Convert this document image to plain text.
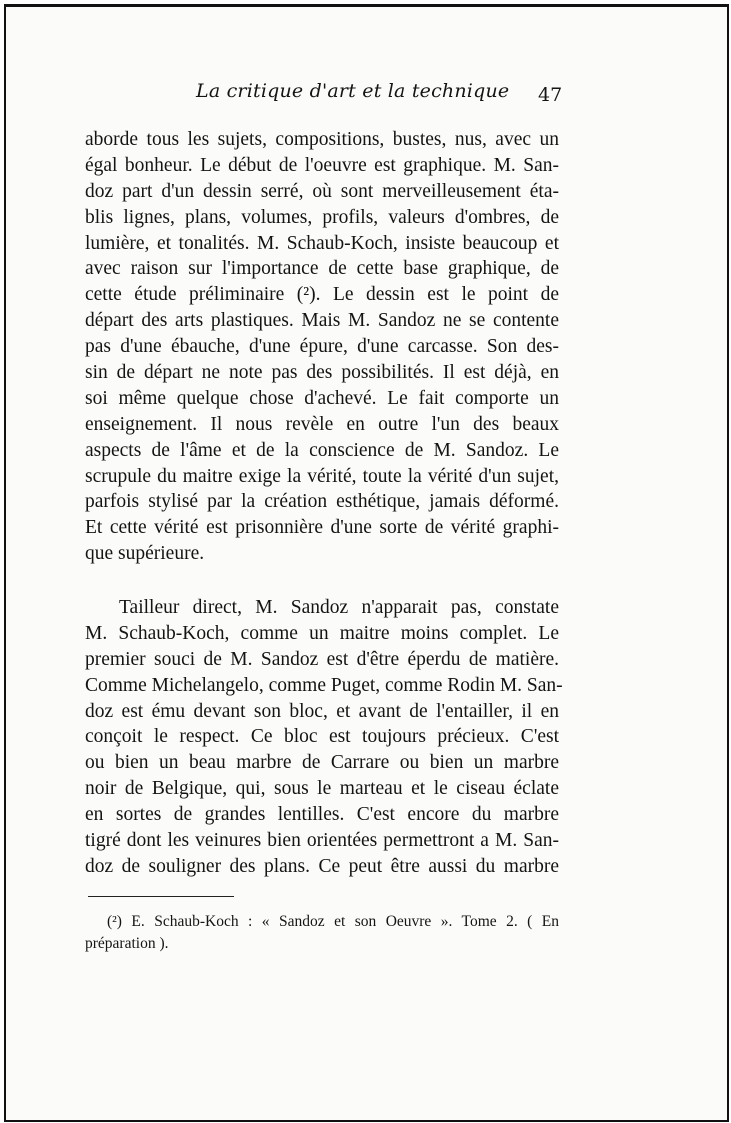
La critique d'art et la technique 47
aborde tous les sujets, compositions, bustes, nus, avec un
égal bonheur. Le début de l'oeuvre est graphique. M. San-
doz part d'un dessin serré, où sont merveilleusement éta-
blis lignes, plans, volumes, profils, valeurs d'ombres, de
lumière, et tonalités. M. Schaub-Koch, insiste beaucoup et
avec raison sur l'importance de cette base graphique, de
cette étude préliminaire (²). Le dessin est le point de
départ des arts plastiques. Mais M. Sandoz ne se contente
pas d'une ébauche, d'une épure, d'une carcasse. Son des-
sin de départ ne note pas des possibilités. Il est déjà, en
soi même quelque chose d'achevé. Le fait comporte un
enseignement. Il nous revèle en outre l'un des beaux
aspects de l'âme et de la conscience de M. Sandoz. Le
scrupule du maitre exige la vérité, toute la vérité d'un sujet,
parfois stylisé par la création esthétique, jamais déformé.
Et cette vérité est prisonnière d'une sorte de vérité graphi-
que supérieure.
Tailleur direct, M. Sandoz n'apparait pas, constate
M. Schaub-Koch, comme un maitre moins complet. Le
premier souci de M. Sandoz est d'être éperdu de matière.
Comme Michelangelo, comme Puget, comme Rodin M. San-
doz est ému devant son bloc, et avant de l'entailler, il en
conçoit le respect. Ce bloc est toujours précieux. C'est
ou bien un beau marbre de Carrare ou bien un marbre
noir de Belgique, qui, sous le marteau et le ciseau éclate
en sortes de grandes lentilles. C'est encore du marbre
tigré dont les veinures bien orientées permettront a M. San-
doz de souligner des plans. Ce peut être aussi du marbre
(²) E. Schaub-Koch : « Sandoz et son Oeuvre ». Tome 2. ( En
préparation ).
